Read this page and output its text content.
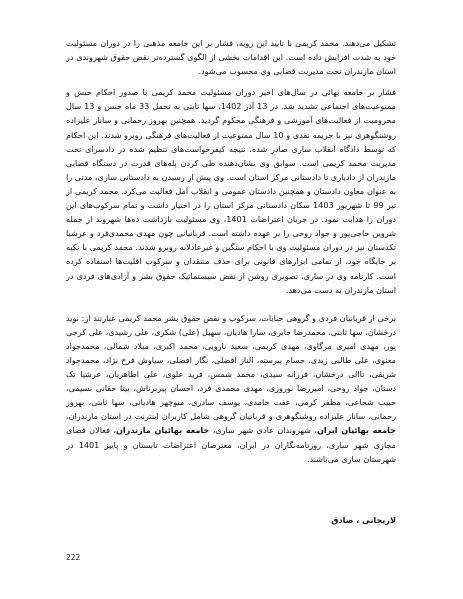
تشکیل می‌دهند. محمد کریمی با تایید این رویه، فشار بر این جامعه مذهبی را در دوران مسئولیت خود به شدت افزایش داده است. این اقدامات بخشی از الگوی گسترده‌تر نقض حقوق شهروندی در استان مازندران تحت مدیریت قضایی وی محسوب می‌شود.

فشار بر جامعه بهائی در سال‌های اخیر دوران مسئولیت محمد کریمی با صدور احکام حبس و ممنوعیت‌های اجتماعی تشدید شد. در 13 آذر 1402، سها ثابتی به تحمل 33 ماه حبس و 13 سال محرومیت از فعالیت‌های آموزشی و فرهنگی محکوم گردید. همچنین بهروز رحمانی و ساناز علیزاده روشنگوهری نیز با جریمه نقدی و 10 سال ممنوعیت از فعالیت‌های فرهنگی روبرو شدند. این احکام که توسط دادگاه انقلاب ساری صادر شده، نتیجه کیفرخواست‌های تنظیم شده در دادسرای تحت مدیریت محمد کریمی است. سوابق وی نشان‌دهنده طی کردن پله‌های قدرت در دستگاه قضایی مازندران از دادیاری تا دادستانی مرکز استان است. وی پیش از رسیدن به دادستانی ساری، مدتی را به عنوان معاون دادستان و همچنین دادستان عمومی و انقلاب آمل فعالیت می‌کرد. محمد کریمی از تیر 99 تا شهریور 1403 سکان دادستانی مرکز استان را در اختیار داشت و تمام سرکوب‌های این دوران را هدایت نمود. در جریان اعتراضات 1401، وی مسئولیت بازداشت ده‌ها شهروند از جمله شروین حاجی‌پور و جواد روحی را بر عهده داشته است. قربانیانی چون مهدی محمدی‌فرد و عرشیا تکدستان نیز در دوران مسئولیت وی با احکام سنگین و غیرعادلانه روبرو شدند. محمد کریمی با تکیه بر جایگاه خود، از تمامی ابزارهای قانونی برای حذف منتقدان و سرکوب اقلیت‌ها استفاده کرده است. کارنامه وی در ساری، تصویری روشن از نقض سیستماتیک حقوق بشر و آزادی‌های فردی در استان مازندران به دست می‌دهد.

برخی از قربانیان فردی و گروهی جنایات، سرکوب و نقض حقوق بشر محمد کریمی عبارتند از: نوید درخشان، سها ثابتی، محمدرضا جابری، سارا هادیان، سهیل (علی) شکری، علی رشیدی، علی کرجی پور، مهدی امیری مرگاوی، مهدی کریمی، سعید نارویی، محمد اکبری، میلاد شمالی، محمدجواد معنوی، علی طالبی زیدی، حسام پیرسته، الناز افضلی، نگار افضلی، سیاوش فرخ نژاد، محمدجواد شریفی، ناالی درخشان، فرزانه سیدی، محمد شمس، فرید علوی، علی اطاهریان، عرشیا تک دستان، جواد روحی، امیررضا نوروزی، مهدی محمدی فرد، احسان پیربرناش، بیتا حقانی نسیمی، حبیب شجاعی، مظفر کرمی، عفت حامدی، یوسف سادری، منوچهر هادیانی، سها ثابتی، بهروز رحمانی، ساناز علیزاده روشنگوهری و قربانیان گروهی شامل کاربران اینترنت در استان مازندران، جامعه بهائیان ایران، شهروندان عادی شهر ساری، جامعه بهائیان مازندران، فعالان فضای مجازی شهر ساری، روزنامه‌نگاران در ایران، معترضان اعتراضات تابستان و پاییز 1401 در شهرستان ساری می‌باشند.

لاریجانی ، صادق
222
